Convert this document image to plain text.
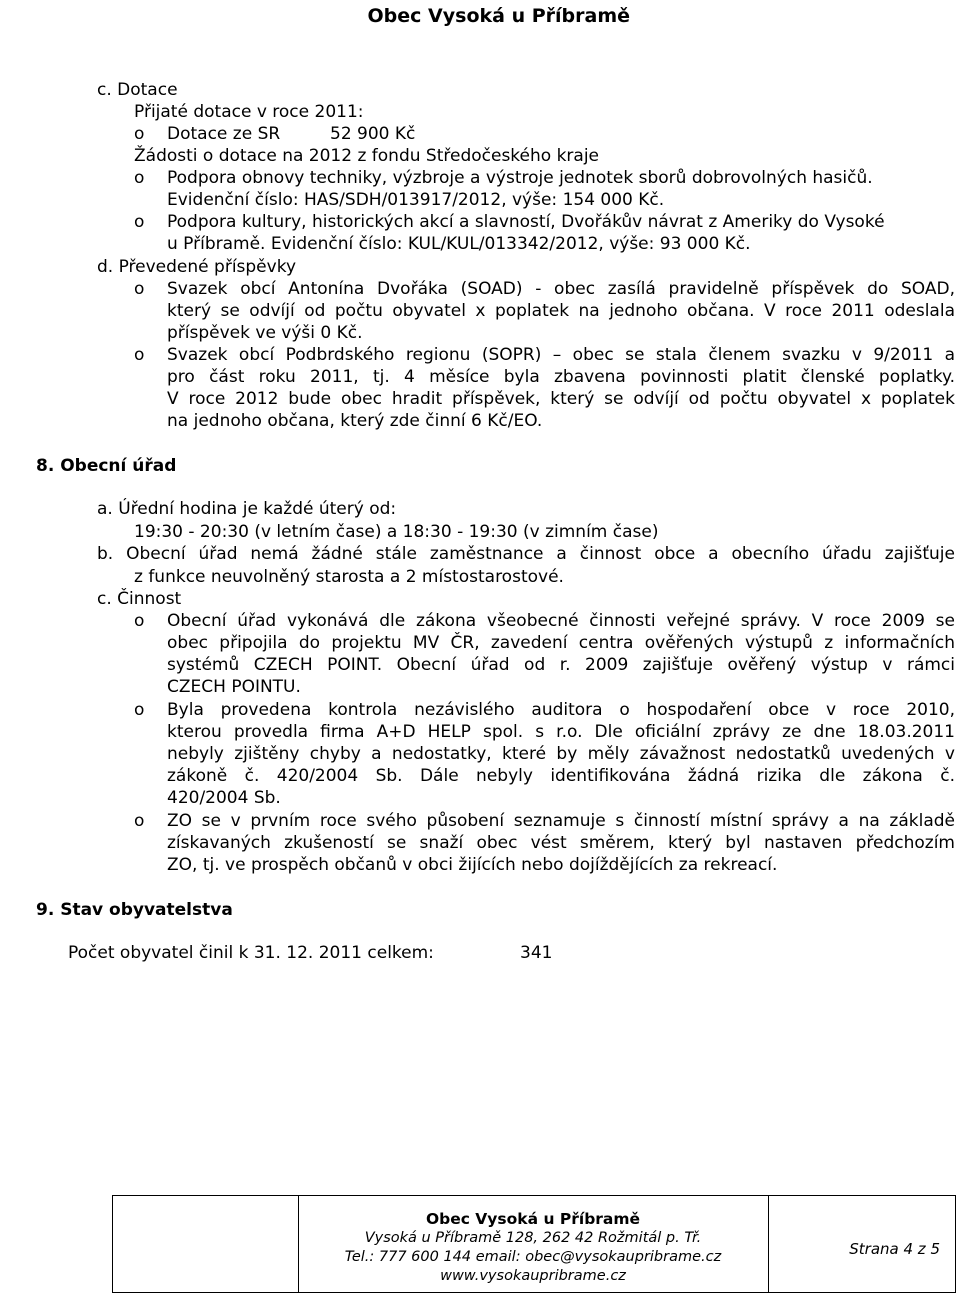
Obec Vysoká u Příbramě
c. Dotace
Přijaté dotace v roce 2011:
o Dotace ze SR	52 900 Kč
Žádosti o dotace na 2012 z fondu Středočeského kraje
o Podpora obnovy techniky, výzbroje a výstroje jednotek sborů dobrovolných hasičů.
Evidenční číslo: HAS/SDH/013917/2012, výše: 154 000 Kč.
o Podpora kultury, historických akcí a slavností, Dvořákův návrat z Ameriky do Vysoké
u Příbramě. Evidenční číslo: KUL/KUL/013342/2012, výše: 93 000 Kč.
d. Převedené příspěvky
o Svazek obcí Antonína Dvořáka (SOAD) - obec zasílá pravidelně příspěvek do SOAD,
který se odvíjí od počtu obyvatel x poplatek na jednoho občana. V roce 2011 odeslala
příspěvek ve výši 0 Kč.
o Svazek obcí Podbrdského regionu (SOPR) – obec se stala členem svazku v 9/2011 a
pro část roku 2011, tj. 4 měsíce byla zbavena povinnosti platit členské poplatky.
V roce 2012 bude obec hradit příspěvek, který se odvíjí od počtu obyvatel x poplatek
na jednoho občana, který zde činní 6 Kč/EO.
8. Obecní úřad
a. Úřední hodina je každé úterý od:
19:30 - 20:30 (v letním čase) a 18:30 - 19:30 (v zimním čase)
b. Obecní úřad nemá žádné stále zaměstnance a činnost obce a obecního úřadu zajišťuje
z funkce neuvolněný starosta a 2 místostarostové.
c. Činnost
o Obecní úřad vykonává dle zákona všeobecné činnosti veřejné správy. V roce 2009 se
obec připojila do projektu MV ČR, zavedení centra ověřených výstupů z informačních
systémů CZECH POINT. Obecní úřad od r. 2009 zajišťuje ověřený výstup v rámci
CZECH POINTU.
o Byla provedena kontrola nezávislého auditora o hospodaření obce v roce 2010,
kterou provedla firma A+D HELP spol. s r.o. Dle oficiální zprávy ze dne 18.03.2011
nebyly zjištěny chyby a nedostatky, které by měly závažnost nedostatků uvedených v
zákoně č. 420/2004 Sb. Dále nebyly identifikována žádná rizika dle zákona č.
420/2004 Sb.
o ZO se v prvním roce svého působení seznamuje s činností místní správy a na základě
získavaných zkušeností se snaží obec vést směrem, který byl nastaven předchozím
ZO, tj. ve prospěch občanů v obci žijících nebo dojíždějících za rekreací.
9. Stav obyvatelstva
Počet obyvatel činil k 31. 12. 2011 celkem:	341
Obec Vysoká u Příbramě
Vysoká u Příbramě 128, 262 42 Rožmitál p. Tř.
Tel.: 777 600 144 email: obec@vysokaupribrame.cz
www.vysokaupribrame.cz
Strana 4 z 5
